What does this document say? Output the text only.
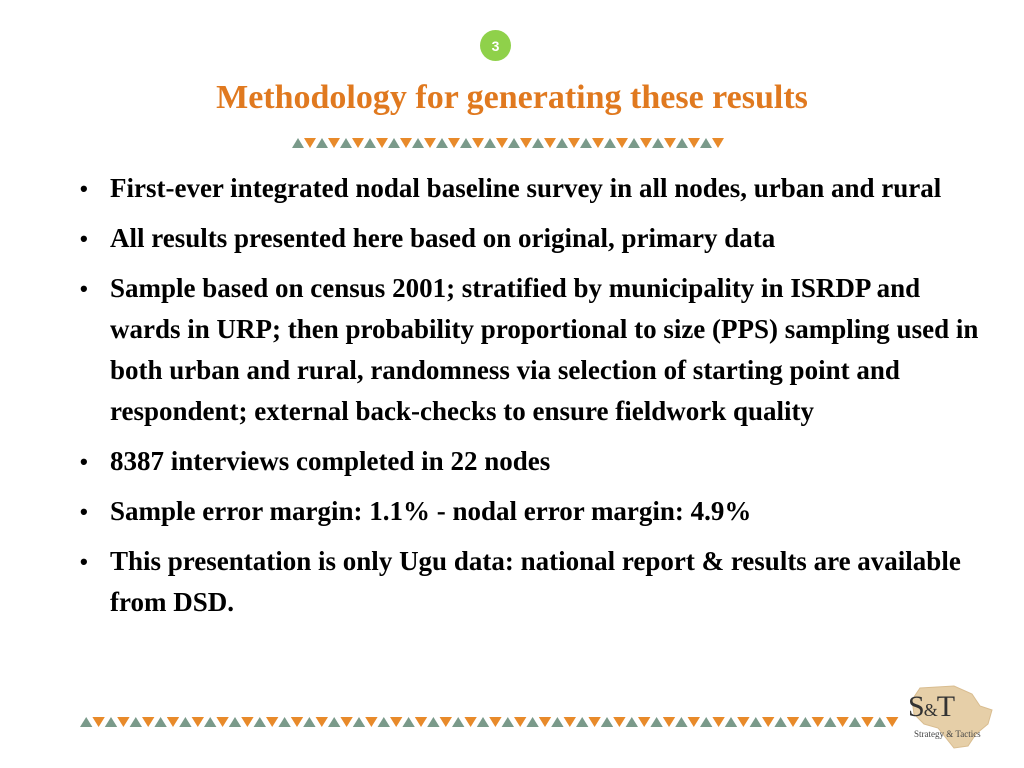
3
Methodology for generating these results
• First-ever integrated nodal baseline survey in all nodes, urban and rural
• All results presented here based on original, primary data
• Sample based on census 2001; stratified by municipality in ISRDP and wards in URP; then probability proportional to size (PPS) sampling used in both urban and rural, randomness via selection of starting point and respondent; external back-checks to ensure fieldwork quality
• 8387 interviews completed in 22 nodes
• Sample error margin: 1.1% - nodal error margin: 4.9%
• This presentation is only Ugu data: national report & results are available from DSD.
S&T
Strategy & Tactics
